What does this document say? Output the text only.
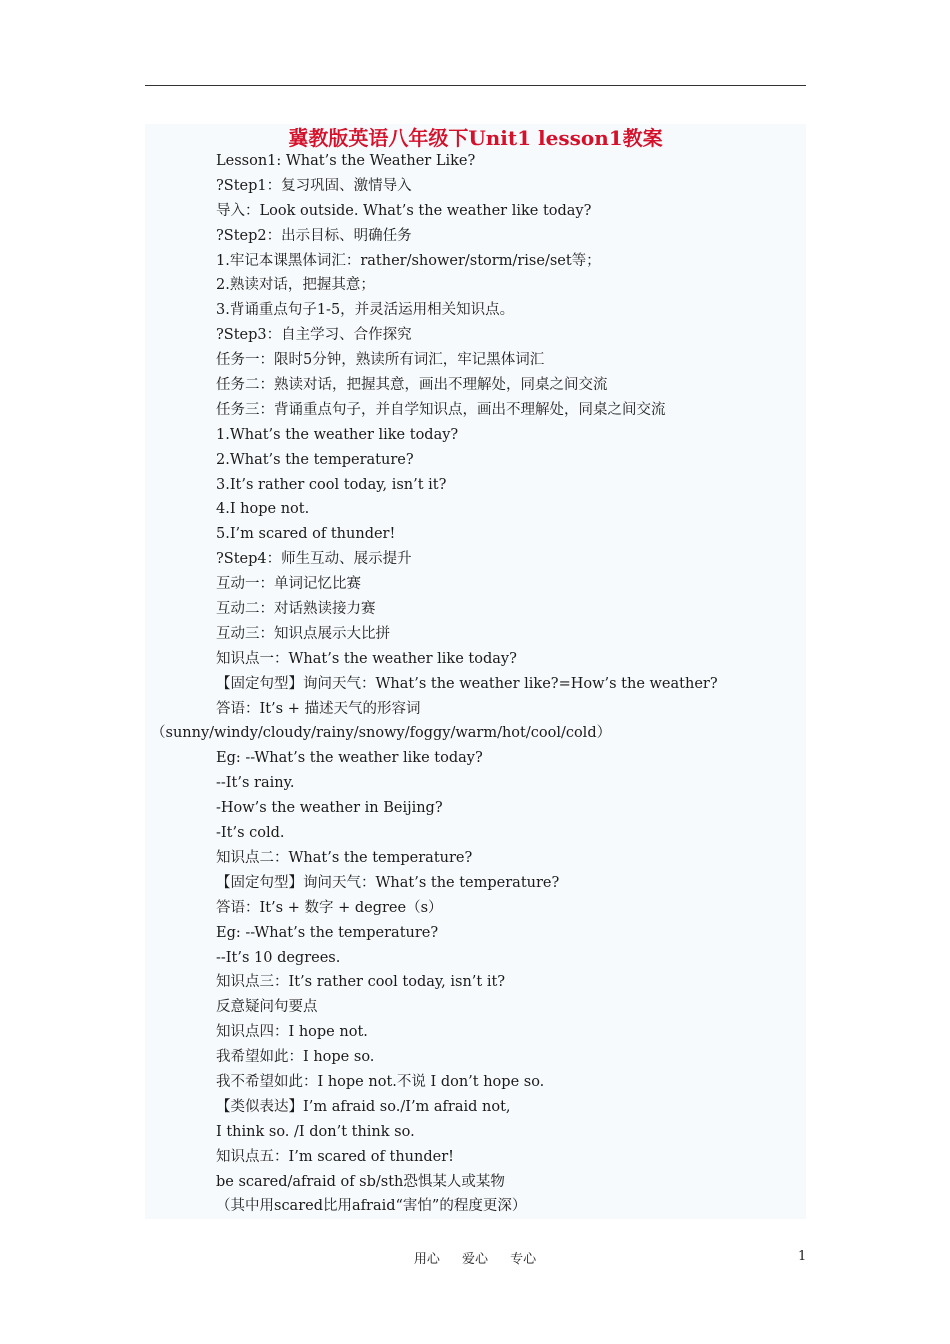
冀教版英语八年级下Unit1 lesson1教案
Lesson1: What’s the Weather Like?
?Step1：复习巩固、激情导入
导入：Look outside. What’s the weather like today?
?Step2：出示目标、明确任务
1.牢记本课黑体词汇：rather/shower/storm/rise/set等；
2.熟读对话，把握其意；
3.背诵重点句子1-5，并灵活运用相关知识点。
?Step3：自主学习、合作探究
任务一：限时5分钟，熟读所有词汇，牢记黑体词汇
任务二：熟读对话，把握其意，画出不理解处，同桌之间交流
任务三：背诵重点句子，并自学知识点，画出不理解处，同桌之间交流
1.What’s the weather like today?
2.What’s the temperature?
3.It’s rather cool today, isn’t it?
4.I hope not.
5.I’m scared of thunder!
?Step4：师生互动、展示提升
互动一：单词记忆比赛
互动二：对话熟读接力赛
互动三：知识点展示大比拼
知识点一：What’s the weather like today?
【固定句型】询问天气：What’s the weather like?=How’s the weather?
答语：It’s + 描述天气的形容词
（sunny/windy/cloudy/rainy/snowy/foggy/warm/hot/cool/cold）
Eg: --What’s the weather like today?
--It’s rainy.
-How’s the weather in Beijing?
-It’s cold.
知识点二：What’s the temperature?
【固定句型】询问天气：What’s the temperature?
答语：It’s + 数字 + degree（s）
Eg: --What’s the temperature?
--It’s 10 degrees.
知识点三：It’s rather cool today, isn’t it?
反意疑问句要点
知识点四：I hope not.
我希望如此：I hope so.
我不希望如此：I hope not.不说 I don’t hope so.
【类似表达】I’m afraid so./I’m afraid not,
I think so. /I don’t think so.
知识点五：I’m scared of thunder!
be scared/afraid of sb/sth恐惧某人或某物
（其中用scared比用afraid“害怕”的程度更深）
用心 爱心 专心	1
